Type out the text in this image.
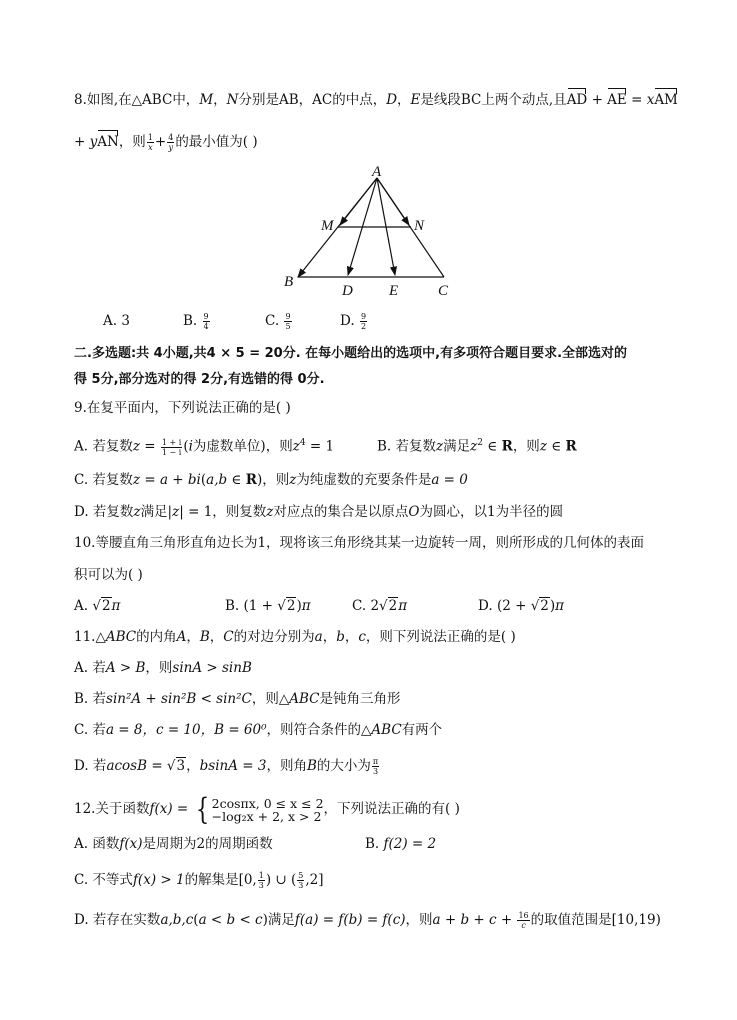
8.如图,在△ABC中，M，N分别是AB，AC的中点，D，E是线段BC上两个动点,且AD + AE = xAM
+ yAN，则 $\frac{1}{x} + \frac{4}{y}$ 的最小值为( )
A
M	N
B
D E	C
A. 3	B. $\frac{9}{4}$	C. $\frac{9}{5}$	D. $\frac{9}{2}$
二.多选题:共 4小题,共4 × 5 = 20分. 在每小题给出的选项中,有多项符合题目要求.全部选对的
得 5分,部分选对的得 2分,有选错的得 0分.
9.在复平面内，下列说法正确的是( )
A. 若复数$z = \frac{1 + i}{1 - i} (i$为虚数单位)，则$z^4 = 1$	B. 若复数z满足$z^2$ ∈ R，则z ∈ R
C. 若复数z = a + bi(a,b ∈ R)，则z为纯虚数的充要条件是a = 0
D. 若复数z满足|z| = 1，则复数z对应点的集合是以原点O为圆心，以1为半径的圆
10.等腰直角三角形直角边长为1，现将该三角形绕其某一边旋转一周，则所形成的几何体的表面
积可以为( )
A. √2π	B. (1 + √2)π	C. 2√2π	D. (2 + √2)π
11.△ABC的内角A，B，C的对边分别为a，b，c，则下列说法正确的是( )
A. 若A > B，则sinA > sinB
B. 若sin²A + sin²B < sin²C，则△ABC是钝角三角形
C. 若a = 8，c = 10，B = 60⁰，则符合条件的△ABC有两个
D. 若acosB = √3，bsinA = 3，则角B的大小为 $\frac{\pi}{3}$
12.关于函数f(x) = { 2cosπx, 0 ≤ x ≤ 2
−log₂x + 2, x > 2 ，下列说法正确的有( )
A. 函数f(x)是周期为2的周期函数	B. f(2) = 2
C. 不等式f(x) > 1的解集是[0, $\frac{1}{3}$ ) ∪ ( $\frac{5}{3} ,2$]
D. 若存在实数a,b,c(a < b < c)满足f(a) = f(b) = f(c)，则$a + b + c + \frac{16}{c}$ 的取值范围是[10,19)
